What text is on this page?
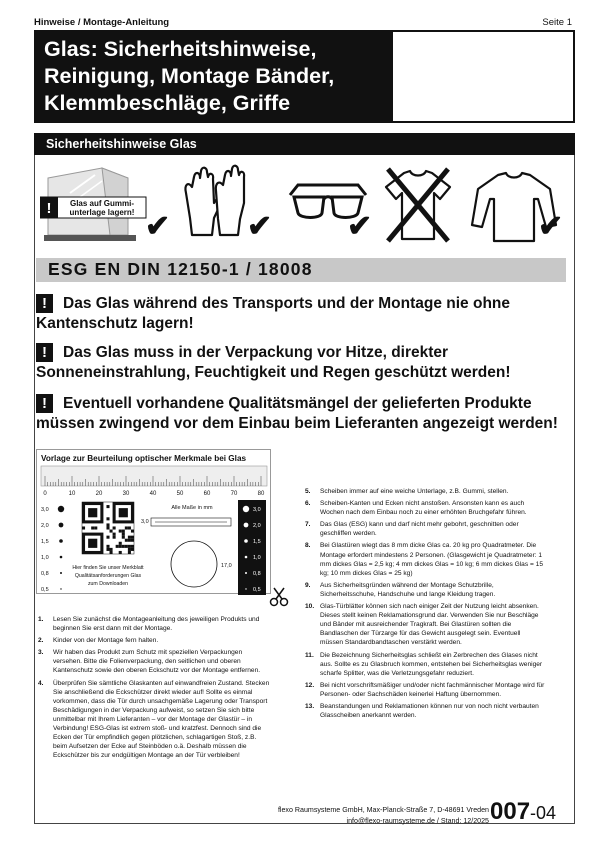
Hinweise / Montage-Anleitung	Seite 1
Glas: Sicherheitshinweise,
Reinigung, Montage Bänder,
Klemmbeschläge, Griffe
007 -04
Sicherheitshinweise Glas
! Glas auf Gummi-
unterlage lagern! ✔	✔ ✔	✔
ESG EN DIN 12150-1 / 18008
! Das Glas während des Transports und der Montage nie ohne
Kantenschutz lagern!
! Das Glas muss in der Verpackung vor Hitze, direkter
Sonneneinstrahlung, Feuchtigkeit und Regen geschützt werden!
! Eventuell vorhandene Qualitätsmängel der gelieferten Produkte
müssen zwingend vor dem Einbau beim Lieferanten angezeigt werden!
Vorlage zur Beurteilung optischer Merkmale bei Glas
0	10	20	30	40	50	60	70	80
3,0
2,0
1,5
1,0
0,8
0,5
Hier finden Sie unser Merkblatt
Qualitätsanforderungen Glas
zum Downloaden
Alle Maße in mm
3,0
17,0
3,0
2,0
1,5
1,0
0,8
0,5
1.	Lesen Sie zunächst die Montageanleitung des jeweiligen Produkts und beginnen Sie erst dann mit der Montage.
2.	Kinder von der Montage fern halten.
3.	Wir haben das Produkt zum Schutz mit speziellen Verpackungen versehen. Bitte die Folienverpackung, den seitlichen und oberen Kantenschutz sowie den oberen Eckschutz vor der Montage entfernen.
4.	Überprüfen Sie sämtliche Glaskanten auf einwandfreien Zustand. Stecken Sie anschließend die Eckschützer direkt wieder auf! Sollte es einmal vorkommen, dass die Tür durch unsachgemäße Lagerung oder Transport Beschädigungen in der Verpackung aufweist, so setzen Sie sich bitte unmittelbar mit Ihrem Lieferanten – vor der Montage der Glastür – in Verbindung! ESG-Glas ist extrem stoß- und kratzfest. Dennoch sind die Ecken der Tür empfindlich gegen plötzlichen, schlagartigen Stoß, z.B. beim Aufsetzen der Ecke auf Steinböden o.ä. Deshalb müssen die Eckschützer bis zur endgültigen Montage an der Tür verbleiben!
5.	Scheiben immer auf eine weiche Unterlage, z.B. Gummi, stellen.
6.	Scheiben-Kanten und Ecken nicht anstoßen. Ansonsten kann es auch Wochen nach dem Einbau noch zu einer erhöhten Bruchgefahr führen.
7.	Das Glas (ESG) kann und darf nicht mehr gebohrt, geschnitten oder geschliffen werden.
8.	Bei Glastüren wiegt das 8 mm dicke Glas ca. 20 kg pro Quadratmeter. Die Montage erfordert mindestens 2 Personen. (Glasgewicht je Quadratmeter: 1 mm dickes Glas = 2,5 kg; 4 mm dickes Glas = 10 kg; 6 mm dickes Glas = 15 kg; 10 mm dickes Glas = 25 kg)
9.	Aus Sicherheitsgründen während der Montage Schutzbrille, Sicherheitsschuhe, Handschuhe und lange Kleidung tragen.
10. Glas-Türblätter können sich nach einiger Zeit der Nutzung leicht absenken. Dieses stellt keinen Reklamationsgrund dar. Verwenden Sie nur Beschläge und Bänder mit ausreichender Tragkraft. Bei Glastüren sollten die Bandlaschen der Türzarge für das Gewicht ausgelegt sein. Eventuell müssen Standardbandtaschen verstärkt werden.
11. Die Bezeichnung Sicherheitsglas schließt ein Zerbrechen des Glases nicht aus. Sollte es zu Glasbruch kommen, entstehen bei Sicherheitsglas weniger scharfe Splitter, was die Verletzungsgefahr reduziert.
12. Bei nicht vorschriftsmäßiger und/oder nicht fachmännischer Montage wird für Personen- oder Sachschäden keinerlei Haftung übernommen.
13. Beanstandungen und Reklamationen können nur von noch nicht verbauten Glasscheiben anerkannt werden.
flexo Raumsysteme GmbH, Max-Planck-Straße 7, D-48691 Vreden
info@flexo-raumsysteme.de / Stand: 12/2025 007-04
